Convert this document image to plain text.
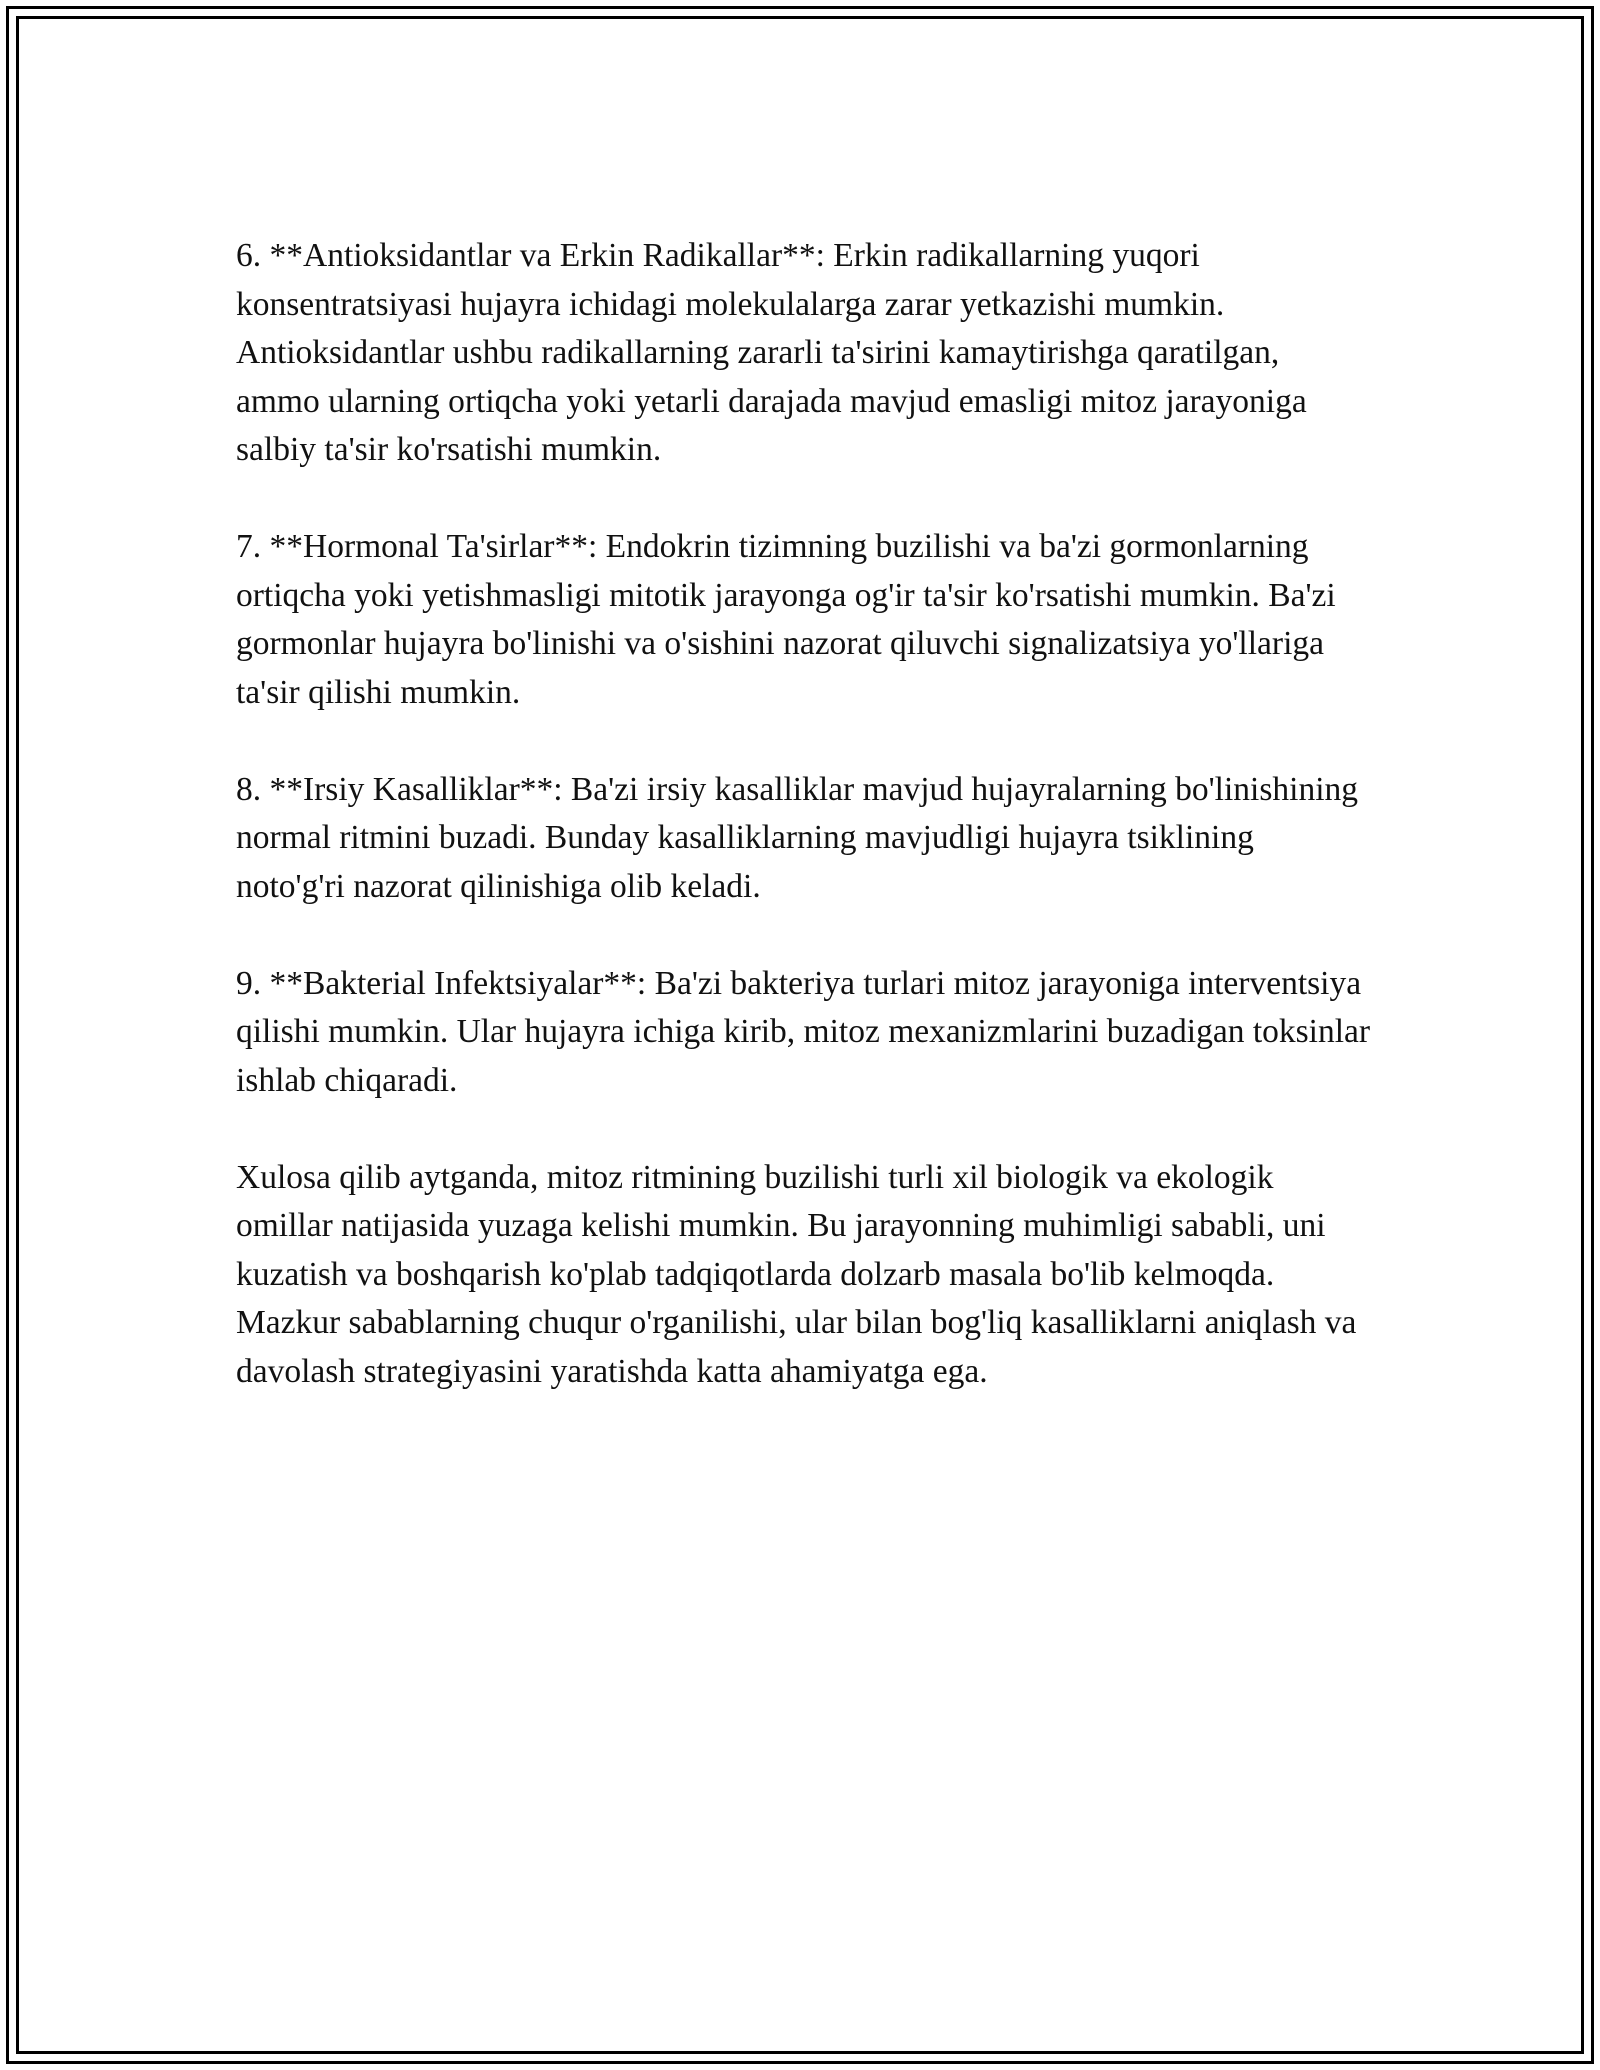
6. **Antioksidantlar va Erkin Radikallar**: Erkin radikallarning yuqori konsentratsiyasi hujayra ichidagi molekulalarga zarar yetkazishi mumkin. Antioksidantlar ushbu radikallarning zararli ta'sirini kamaytirishga qaratilgan, ammo ularning ortiqcha yoki yetarli darajada mavjud emasligi mitoz jarayoniga salbiy ta'sir ko'rsatishi mumkin.

7. **Hormonal Ta'sirlar**: Endokrin tizimning buzilishi va ba'zi gormonlarning ortiqcha yoki yetishmasligi mitotik jarayonga og'ir ta'sir ko'rsatishi mumkin. Ba'zi gormonlar hujayra bo'linishi va o'sishini nazorat qiluvchi signalizatsiya yo'llariga ta'sir qilishi mumkin.

8. **Irsiy Kasalliklar**: Ba'zi irsiy kasalliklar mavjud hujayralarning bo'linishining normal ritmini buzadi. Bunday kasalliklarning mavjudligi hujayra tsiklining noto'g'ri nazorat qilinishiga olib keladi.

9. **Bakterial Infektsiyalar**: Ba'zi bakteriya turlari mitoz jarayoniga interventsiya qilishi mumkin. Ular hujayra ichiga kirib, mitoz mexanizmlarini buzadigan toksinlar ishlab chiqaradi.

Xulosa qilib aytganda, mitoz ritmining buzilishi turli xil biologik va ekologik omillar natijasida yuzaga kelishi mumkin. Bu jarayonning muhimligi sababli, uni kuzatish va boshqarish ko'plab tadqiqotlarda dolzarb masala bo'lib kelmoqda. Mazkur sabablarning chuqur o'rganilishi, ular bilan bog'liq kasalliklarni aniqlash va davolash strategiyasini yaratishda katta ahamiyatga ega.
